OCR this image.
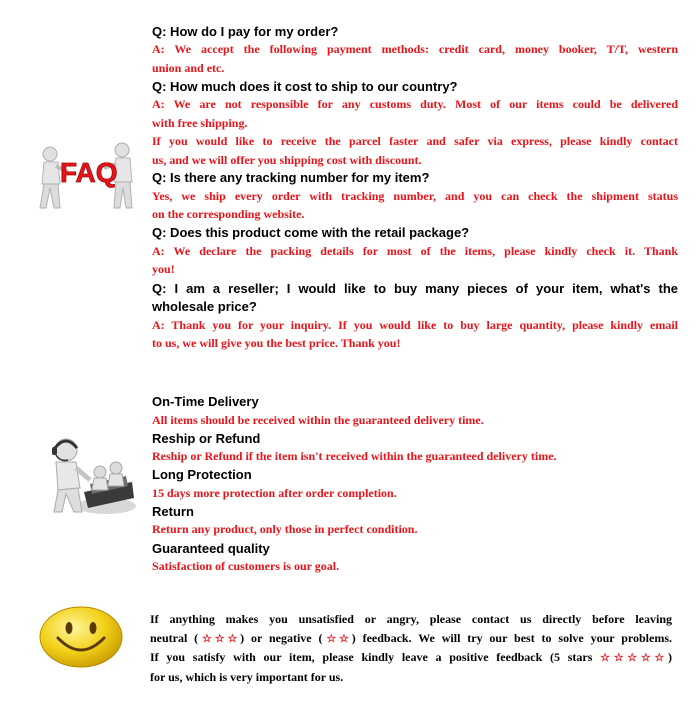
FAQ
Q: How do I pay for my order?
A: We accept the following payment methods: credit card, money booker, T/T, western
union and etc.
Q: How much does it cost to ship to our country?
A: We are not responsible for any customs duty. Most of our items could be delivered
with free shipping.
If you would like to receive the parcel faster and safer via express, please kindly contact
us, and we will offer you shipping cost with discount.
Q: Is there any tracking number for my item?
Yes, we ship every order with tracking number, and you can check the shipment status
on the corresponding website.
Q: Does this product come with the retail package?
A: We declare the packing details for most of the items, please kindly check it. Thank
you!
Q: I am a reseller; I would like to buy many pieces of your item, what's the
wholesale price?
A: Thank you for your inquiry. If you would like to buy large quantity, please kindly email
to us, we will give you the best price. Thank you!
On-Time Delivery
All items should be received within the guaranteed delivery time.
Reship or Refund
Reship or Refund if the item isn't received within the guaranteed delivery time.
Long Protection
15 days more protection after order completion.
Return
Return any product, only those in perfect condition.
Guaranteed quality
Satisfaction of customers is our goal.
If anything makes you unsatisfied or angry, please contact us directly before leaving
neutral (☆☆☆) or negative (☆☆) feedback. We will try our best to solve your problems.
If you satisfy with our item, please kindly leave a positive feedback (5 stars ☆☆☆☆☆)
for us, which is very important for us.
